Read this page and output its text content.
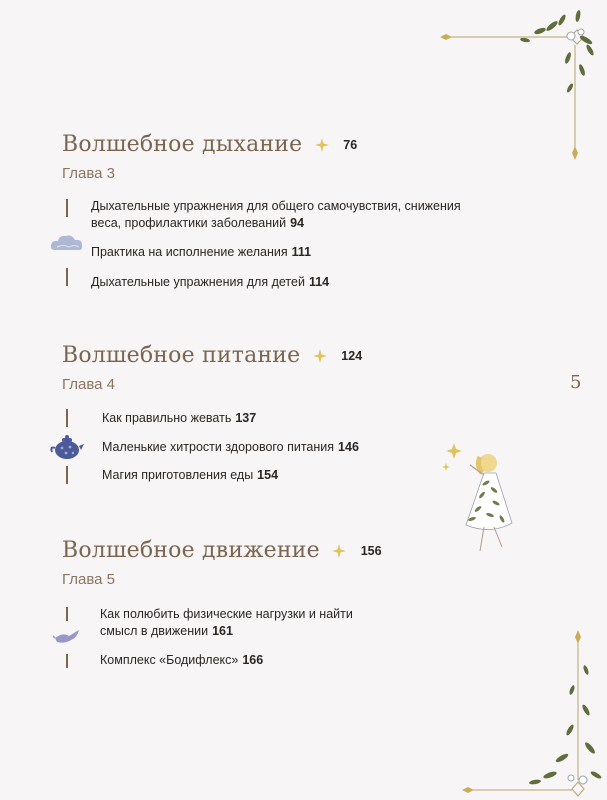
Волшебное дыхание	76
Глава 3
Дыхательные упражнения для общего самочувствия, снижения веса, профилактики заболеваний 94
Практика на исполнение желания 111
Дыхательные упражнения для детей 114
Волшебное питание	124
Глава 4
Как правильно жевать 137
Маленькие хитрости здорового питания 146
Магия приготовления еды 154
Волшебное движение	156
Глава 5
Как полюбить физические нагрузки и найти смысл в движении 161
Комплекс «Бодифлекс» 166
5
